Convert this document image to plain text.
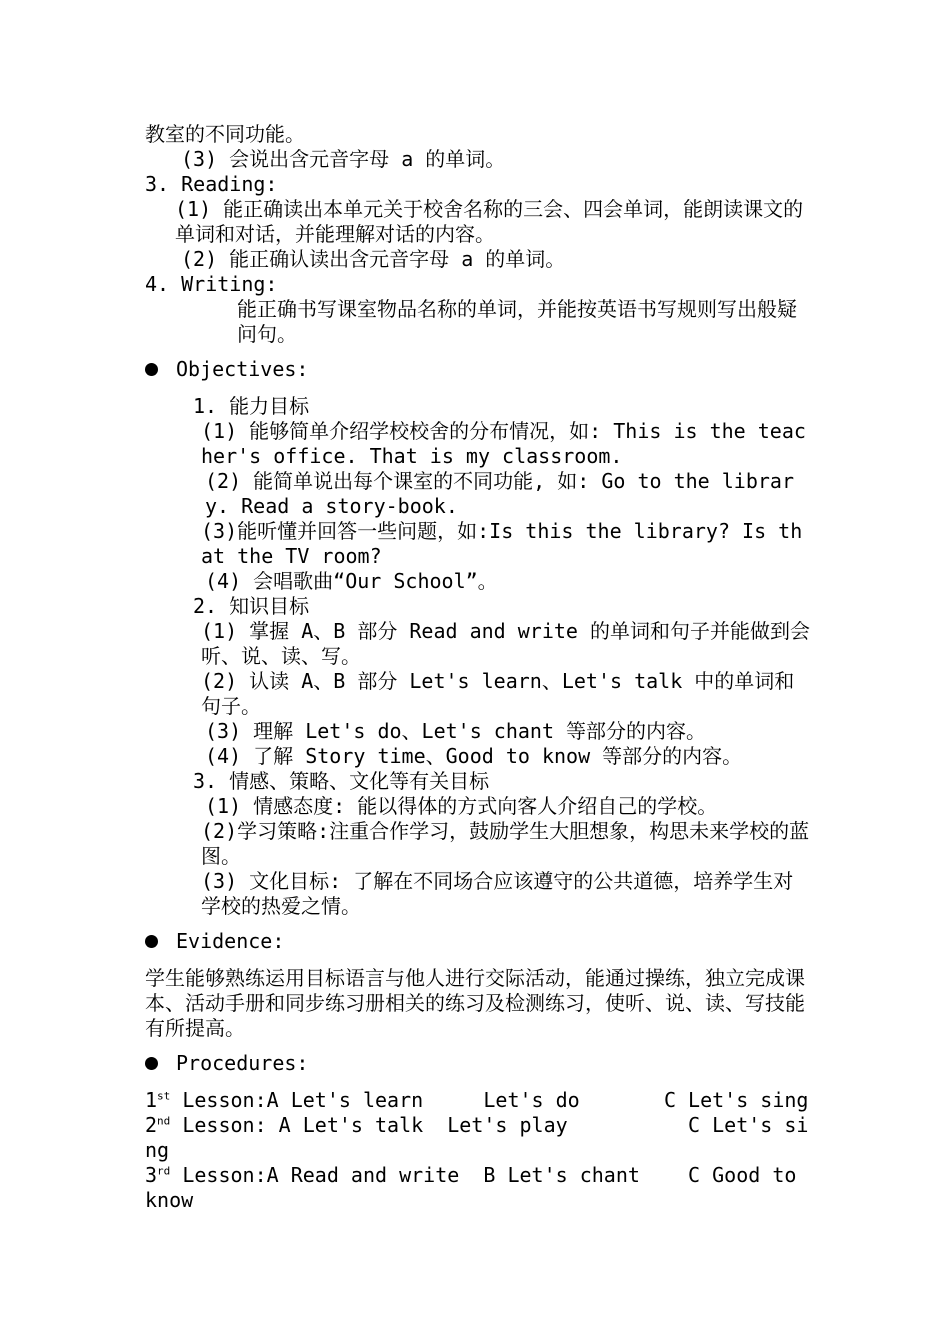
教室的不同功能。

(3) 会说出含元音字母 a 的单词。

3. Reading:

(1) 能正确读出本单元关于校舍名称的三会、四会单词，能朗读课文的单词和对话，并能理解对话的内容。

(2) 能正确认读出含元音字母 a 的单词。

4. Writing:

能正确书写课室物品名称的单词，并能按英语书写规则写出般疑问句。

Objectives:

1. 能力目标

(1) 能够简单介绍学校校舍的分布情况，如: This is the teacher's office. That is my classroom.

(2) 能简单说出每个课室的不同功能, 如: Go to the library. Read a story-book.

(3)能听懂并回答一些问题，如:Is this the library? Is that the TV room?

(4) 会唱歌曲“Our School”。

2. 知识目标

(1) 掌握 A、B 部分 Read and write 的单词和句子并能做到会听、说、读、写。

(2) 认读 A、B 部分 Let's learn、Let's talk 中的单词和句子。

(3) 理解 Let's do、Let's chant 等部分的内容。

(4) 了解 Story time、Good to know 等部分的内容。

3. 情感、策略、文化等有关目标

(1) 情感态度: 能以得体的方式向客人介绍自己的学校。

(2)学习策略:注重合作学习，鼓励学生大胆想象，构思未来学校的蓝图。

(3) 文化目标: 了解在不同场合应该遵守的公共道德，培养学生对学校的热爱之情。

Evidence:

学生能够熟练运用目标语言与他人进行交际活动，能通过操练，独立完成课本、活动手册和同步练习册相关的练习及检测练习，使听、说、读、写技能有所提高。

Procedures:

1st Lesson:A Let's learn     Let's do       C Let's sing

2nd Lesson: A Let's talk  Let's play          C Let's sing

3rd Lesson:A Read and write  B Let's chant    C Good to know
